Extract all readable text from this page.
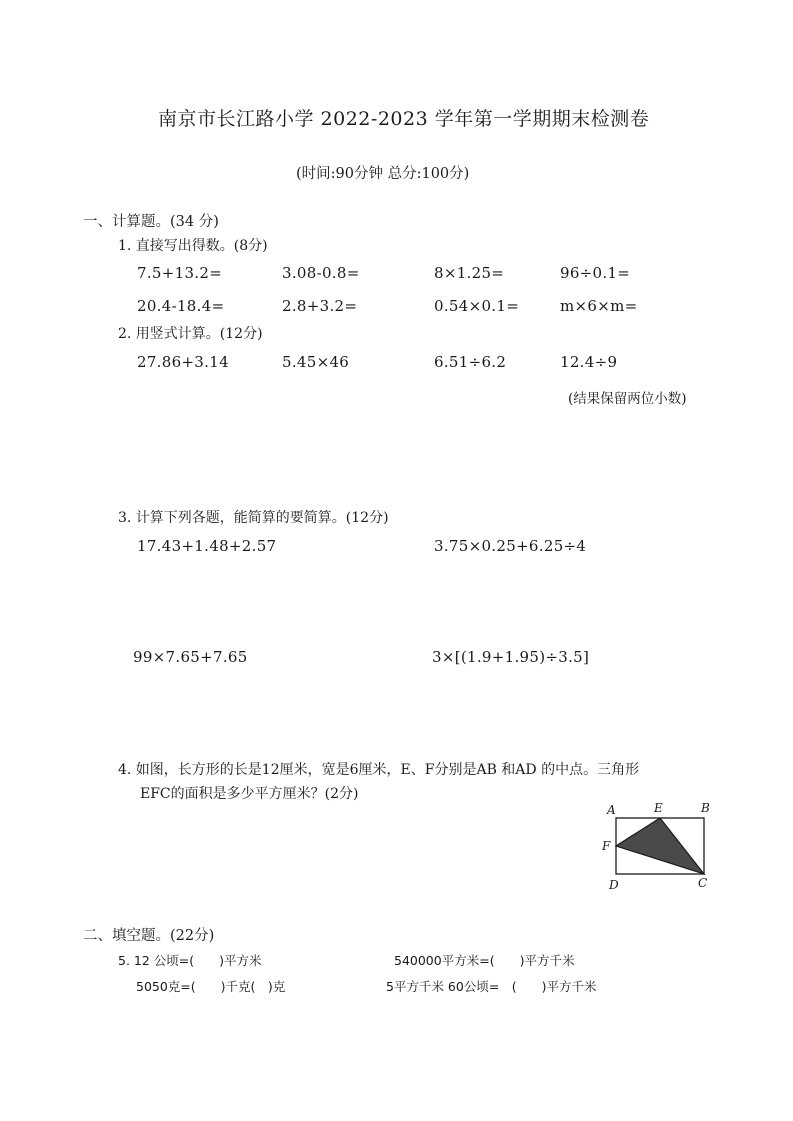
南京市长江路小学 2022-2023 学年第一学期期末检测卷
(时间:90分钟 总分:100分)
一、计算题。(34 分)
1. 直接写出得数。(8分)
7.5+13.2=	3.08-0.8=	8×1.25=	96÷0.1=
20.4-18.4=	2.8+3.2=	0.54×0.1=	m×6×m=
2. 用竖式计算。(12分)
27.86+3.14	5.45×46	6.51÷6.2	12.4÷9
(结果保留两位小数)
3. 计算下列各题，能简算的要简算。(12分)
17.43+1.48+2.57	3.75×0.25+6.25÷4
99×7.65+7.65	3×[(1.9+1.95)÷3.5]
4. 如图，长方形的长是12厘米，宽是6厘米，E、F分别是AB 和AD 的中点。三角形
EFC的面积是多少平方厘米？(2分)
A	E	B
F
D	C
二、填空题。(22分)
5. 12 公顷=(　　)平方米	540000平方米=(　　)平方千米
5050克=(　　)千克(　)克	5平方千米 60公顷=　(　　)平方千米
